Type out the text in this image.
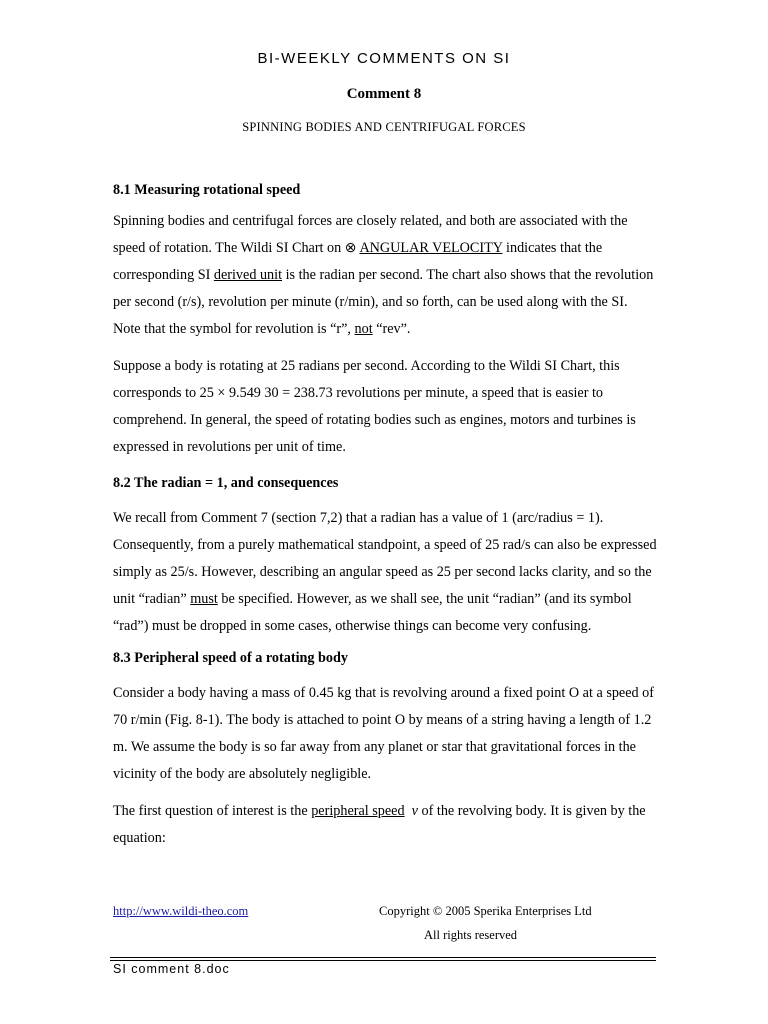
BI-WEEKLY COMMENTS ON SI
Comment 8
SPINNING BODIES AND CENTRIFUGAL FORCES
8.1 Measuring rotational speed

Spinning bodies and centrifugal forces are closely related, and both are associated with the speed of rotation. The Wildi SI Chart on ⊗ ANGULAR VELOCITY indicates that the corresponding SI derived unit is the radian per second. The chart also shows that the revolution per second (r/s), revolution per minute (r/min), and so forth, can be used along with the SI. Note that the symbol for revolution is “r”, not “rev”.

Suppose a body is rotating at 25 radians per second. According to the Wildi SI Chart, this corresponds to 25 × 9.549 30 = 238.73 revolutions per minute, a speed that is easier to comprehend. In general, the speed of rotating bodies such as engines, motors and turbines is expressed in revolutions per unit of time.

8.2 The radian = 1, and consequences

We recall from Comment 7 (section 7,2) that a radian has a value of 1 (arc/radius = 1). Consequently, from a purely mathematical standpoint, a speed of 25 rad/s can also be expressed simply as 25/s. However, describing an angular speed as 25 per second lacks clarity, and so the unit “radian” must be specified. However, as we shall see, the unit “radian” (and its symbol “rad”) must be dropped in some cases, otherwise things can become very confusing.

8.3 Peripheral speed of a rotating body

Consider a body having a mass of 0.45 kg that is revolving around a fixed point O at a speed of 70 r/min (Fig. 8-1). The body is attached to point O by means of a string having a length of 1.2 m. We assume the body is so far away from any planet or star that gravitational forces in the vicinity of the body are absolutely negligible.

The first question of interest is the peripheral speed v of the revolving body. It is given by the equation:

http://www.wildi-theo.com	Copyright © 2005 Sperika Enterprises Ltd
All rights reserved
SI comment 8.doc
